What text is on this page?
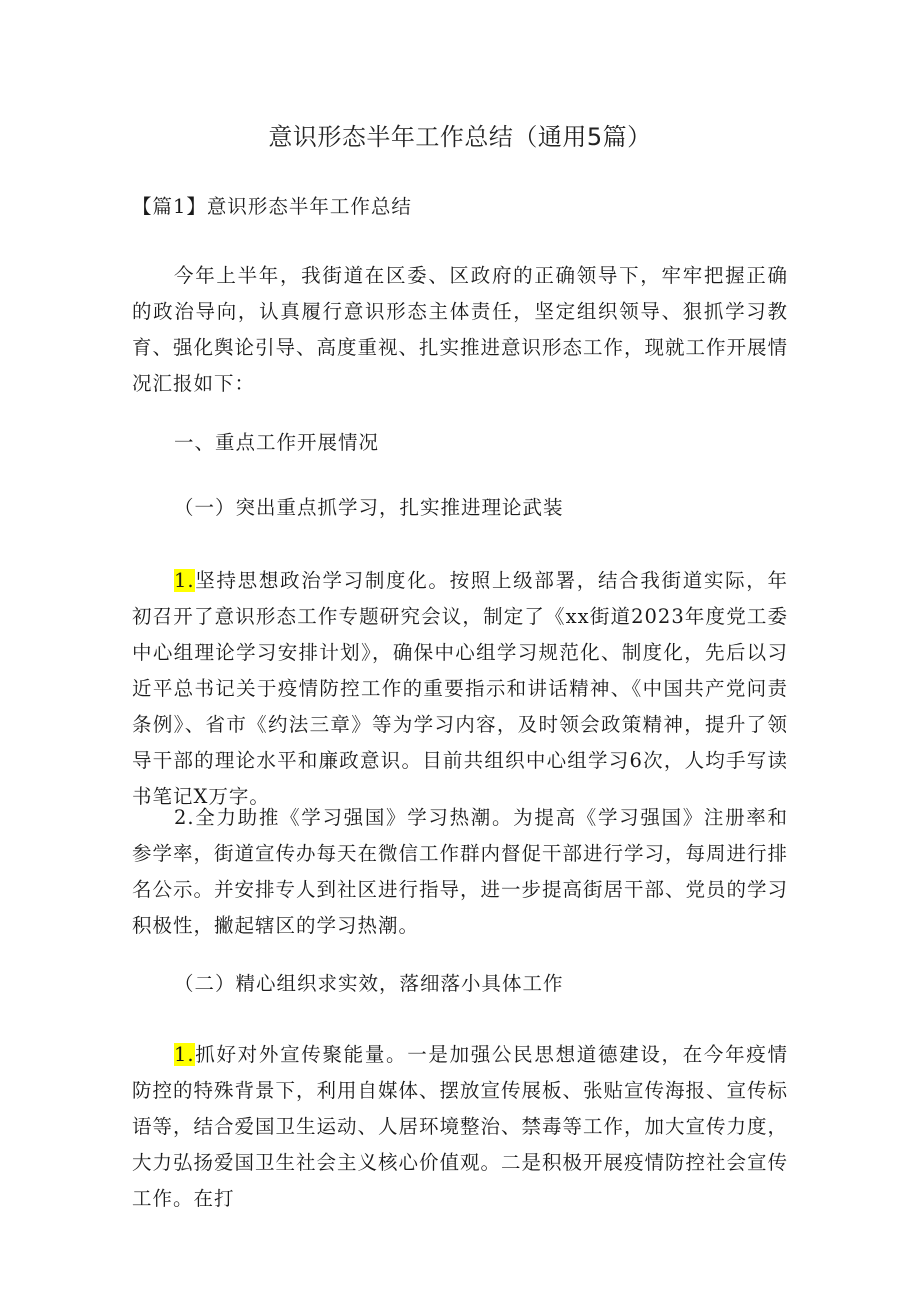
意识形态半年工作总结（通用5篇）
【篇1】意识形态半年工作总结
今年上半年，我街道在区委、区政府的正确领导下，牢牢把握正确的政治导向，认真履行意识形态主体责任，坚定组织领导、狠抓学习教育、强化舆论引导、高度重视、扎实推进意识形态工作，现就工作开展情况汇报如下：
一、重点工作开展情况
（一）突出重点抓学习，扎实推进理论武装
1.坚持思想政治学习制度化。按照上级部署，结合我街道实际，年初召开了意识形态工作专题研究会议，制定了《xx街道2023年度党工委中心组理论学习安排计划》，确保中心组学习规范化、制度化，先后以习近平总书记关于疫情防控工作的重要指示和讲话精神、《中国共产党问责条例》、省市《约法三章》等为学习内容，及时领会政策精神，提升了领导干部的理论水平和廉政意识。目前共组织中心组学习6次，人均手写读书笔记X万字。
2.全力助推《学习强国》学习热潮。为提高《学习强国》注册率和参学率，街道宣传办每天在微信工作群内督促干部进行学习，每周进行排名公示。并安排专人到社区进行指导，进一步提高街居干部、党员的学习积极性，撇起辖区的学习热潮。
（二）精心组织求实效，落细落小具体工作
1.抓好对外宣传聚能量。一是加强公民思想道德建设，在今年疫情防控的特殊背景下，利用自媒体、摆放宣传展板、张贴宣传海报、宣传标语等，结合爱国卫生运动、人居环境整治、禁毒等工作，加大宣传力度，大力弘扬爱国卫生社会主义核心价值观。二是积极开展疫情防控社会宣传工作。在打
